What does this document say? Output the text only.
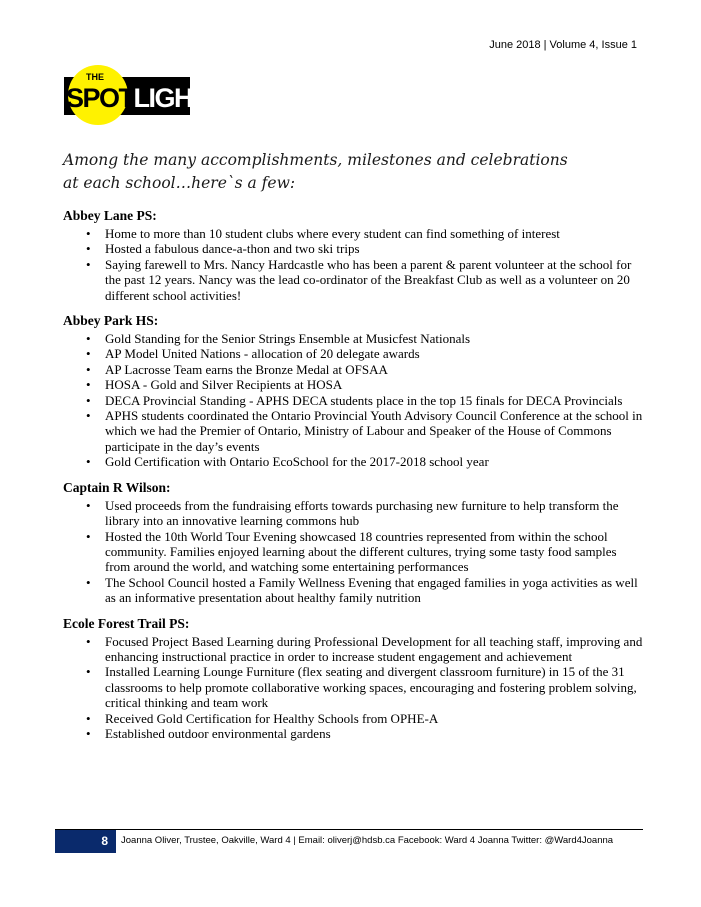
June 2018 | Volume 4, Issue 1
THE
SPOTLIGHT

Among the many accomplishments, milestones and celebrations at each school…here`s a few:

Abbey Lane PS:
• Home to more than 10 student clubs where every student can find something of interest
• Hosted a fabulous dance-a-thon and two ski trips
• Saying farewell to Mrs. Nancy Hardcastle who has been a parent & parent volunteer at the school for the past 12 years. Nancy was the lead co-ordinator of the Breakfast Club as well as a volunteer on 20 different school activities!
Abbey Park HS:
• Gold Standing for the Senior Strings Ensemble at Musicfest Nationals
• AP Model United Nations - allocation of 20 delegate awards
• AP Lacrosse Team earns the Bronze Medal at OFSAA
• HOSA - Gold and Silver Recipients at HOSA
• DECA Provincial Standing - APHS DECA students place in the top 15 finals for DECA Provincials
• APHS students coordinated the Ontario Provincial Youth Advisory Council Conference at the school in which we had the Premier of Ontario, Ministry of Labour and Speaker of the House of Commons participate in the day’s events
• Gold Certification with Ontario EcoSchool for the 2017-2018 school year
Captain R Wilson:
• Used proceeds from the fundraising efforts towards purchasing new furniture to help transform the library into an innovative learning commons hub
• Hosted the 10th World Tour Evening showcased 18 countries represented from within the school community. Families enjoyed learning about the different cultures, trying some tasty food samples from around the world, and watching some entertaining performances
• The School Council hosted a Family Wellness Evening that engaged families in yoga activities as well as an informative presentation about healthy family nutrition
Ecole Forest Trail PS:
• Focused Project Based Learning during Professional Development for all teaching staff, improving and enhancing instructional practice in order to increase student engagement and achievement
• Installed Learning Lounge Furniture (flex seating and divergent classroom furniture) in 15 of the 31 classrooms to help promote collaborative working spaces, encouraging and fostering problem solving, critical thinking and team work
• Received Gold Certification for Healthy Schools from OPHE-A
• Established outdoor environmental gardens
8	Joanna Oliver, Trustee, Oakville, Ward 4 | Email: oliverj@hdsb.ca Facebook: Ward 4 Joanna Twitter: @Ward4Joanna
